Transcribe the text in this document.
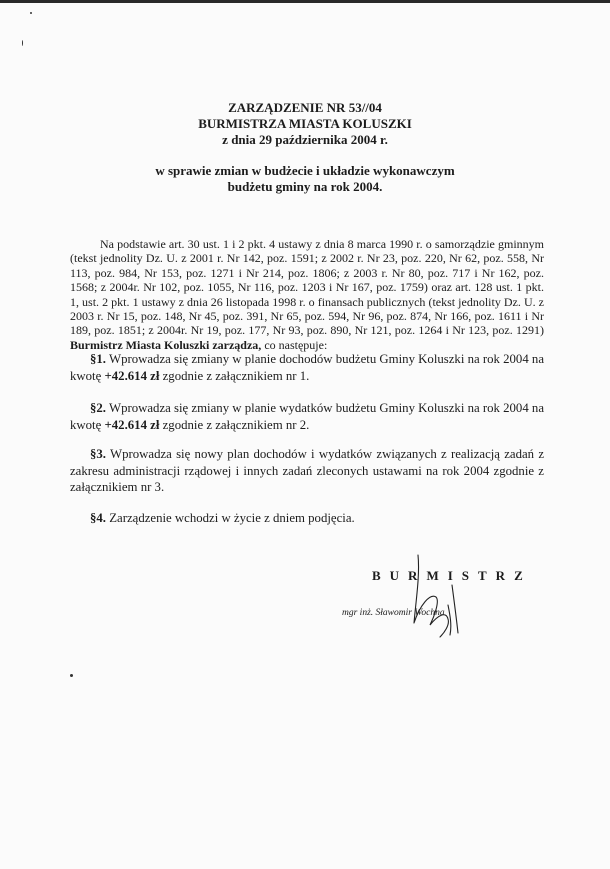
ZARZĄDZENIE NR 53//04
BURMISTRZA MIASTA KOLUSZKI
z dnia 29 października 2004 r.
w sprawie zmian w budżecie i układzie wykonawczym
budżetu gminy na rok 2004.
Na podstawie art. 30 ust. 1 i 2 pkt. 4 ustawy z dnia 8 marca 1990 r. o samorządzie gminnym (tekst jednolity Dz. U. z 2001 r. Nr 142, poz. 1591; z 2002 r. Nr 23, poz. 220, Nr 62, poz. 558, Nr 113, poz. 984, Nr 153, poz. 1271 i Nr 214, poz. 1806; z 2003 r. Nr 80, poz. 717 i Nr 162, poz. 1568; z 2004r. Nr 102, poz. 1055, Nr 116, poz. 1203 i Nr 167, poz. 1759) oraz art. 128 ust. 1 pkt. 1, ust. 2 pkt. 1 ustawy z dnia 26 listopada 1998 r. o finansach publicznych (tekst jednolity Dz. U. z 2003 r. Nr 15, poz. 148, Nr 45, poz. 391, Nr 65, poz. 594, Nr 96, poz. 874, Nr 166, poz. 1611 i Nr 189, poz. 1851; z 2004r. Nr 19, poz. 177, Nr 93, poz. 890, Nr 121, poz. 1264 i Nr 123, poz. 1291) Burmistrz Miasta Koluszki zarządza, co następuje:
§1. Wprowadza się zmiany w planie dochodów budżetu Gminy Koluszki na rok 2004 na kwotę +42.614 zł zgodnie z załącznikiem nr 1.
§2. Wprowadza się zmiany w planie wydatków budżetu Gminy Koluszki na rok 2004 na kwotę +42.614 zł zgodnie z załącznikiem nr 2.
§3. Wprowadza się nowy plan dochodów i wydatków związanych z realizacją zadań z zakresu administracji rządowej i innych zadań zleconych ustawami na rok 2004 zgodnie z załącznikiem nr 3.
§4. Zarządzenie wchodzi w życie z dniem podjęcia.
BURMISTRZ
mgr inż. Sławomir Wochna
